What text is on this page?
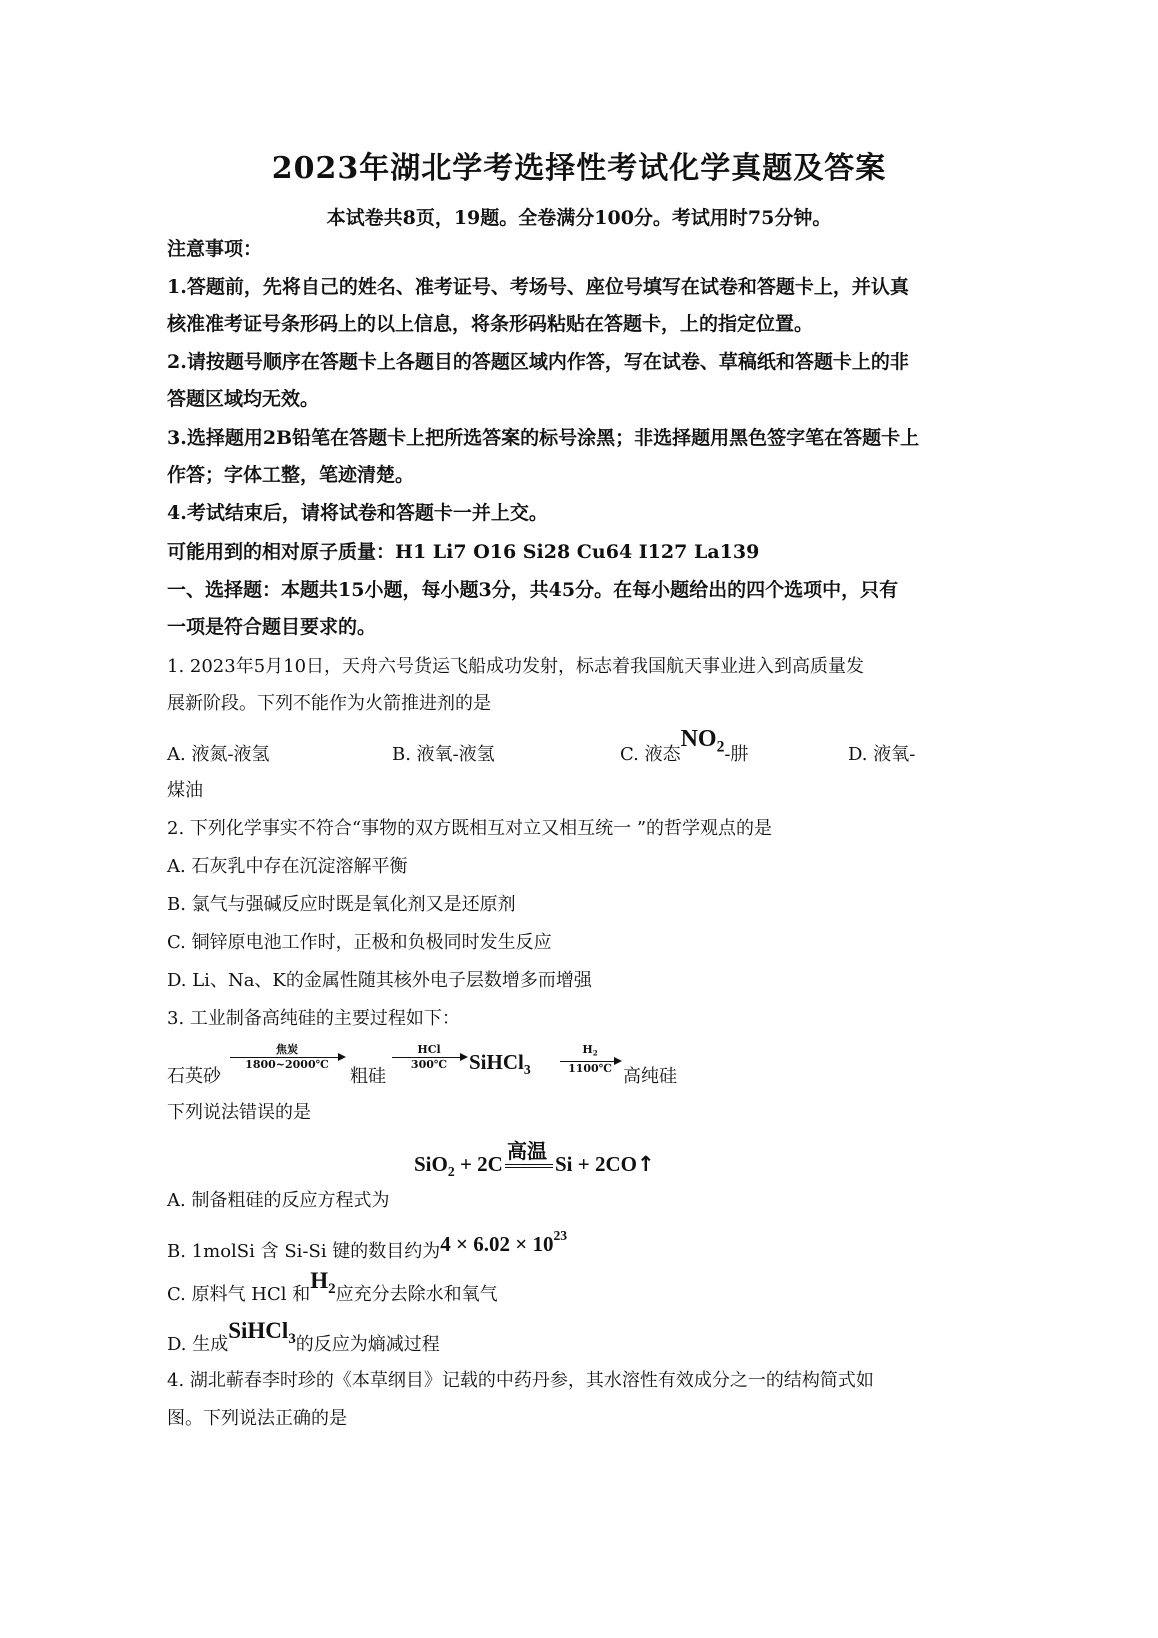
2023年湖北学考选择性考试化学真题及答案
本试卷共8页，19题。全卷满分100分。考试用时75分钟。
注意事项：
1.答题前，先将自己的姓名、准考证号、考场号、座位号填写在试卷和答题卡上，并认真
核准准考证号条形码上的以上信息，将条形码粘贴在答题卡，上的指定位置。
2.请按题号顺序在答题卡上各题目的答题区域内作答，写在试卷、草稿纸和答题卡上的非
答题区域均无效。
3.选择题用2B铅笔在答题卡上把所选答案的标号涂黑；非选择题用黑色签字笔在答题卡上
作答；字体工整，笔迹清楚。
4.考试结束后，请将试卷和答题卡一并上交。
可能用到的相对原子质量：H1 Li7 O16 Si28 Cu64 I127 La139
一、选择题：本题共15小题，每小题3分，共45分。在每小题给出的四个选项中，只有
一项是符合题目要求的。
1. 2023年5月10日，天舟六号货运飞船成功发射，标志着我国航天事业进入到高质量发
展新阶段。下列不能作为火箭推进剂的是
A. 液氮-液氢	B. 液氧-液氢	C. 液态$NO_2-$肼	D. 液氧-
煤油
2. 下列化学事实不符合“事物的双方既相互对立又相互统一 ”的哲学观点的是
A. 石灰乳中存在沉淀溶解平衡
B. 氯气与强碱反应时既是氧化剂又是还原剂
C. 铜锌原电池工作时，正极和负极同时发生反应
D. Li、Na、K的金属性随其核外电子层数增多而增强
3. 工业制备高纯硅的主要过程如下：
石英砂
焦炭
1800~2000℃
粗硅
HCl
300℃	SiHCl$_3$
$H_2$
1100℃ 高纯硅
下列说法错误的是
SiO$_2$ + 2C 高温 Si + 2CO↑
A. 制备粗硅的反应方程式为
B. 1molSi 含 Si-Si 键的数目约为$4 \times 6.02 \times 10^{23}$
C. 原料气 HCl 和$H_2$应充分去除水和氧气
D. 生成SiHCl$_3$的反应为熵减过程
4. 湖北蕲春李时珍的《本草纲目》记载的中药丹参，其水溶性有效成分之一的结构简式如
图。下列说法正确的是
